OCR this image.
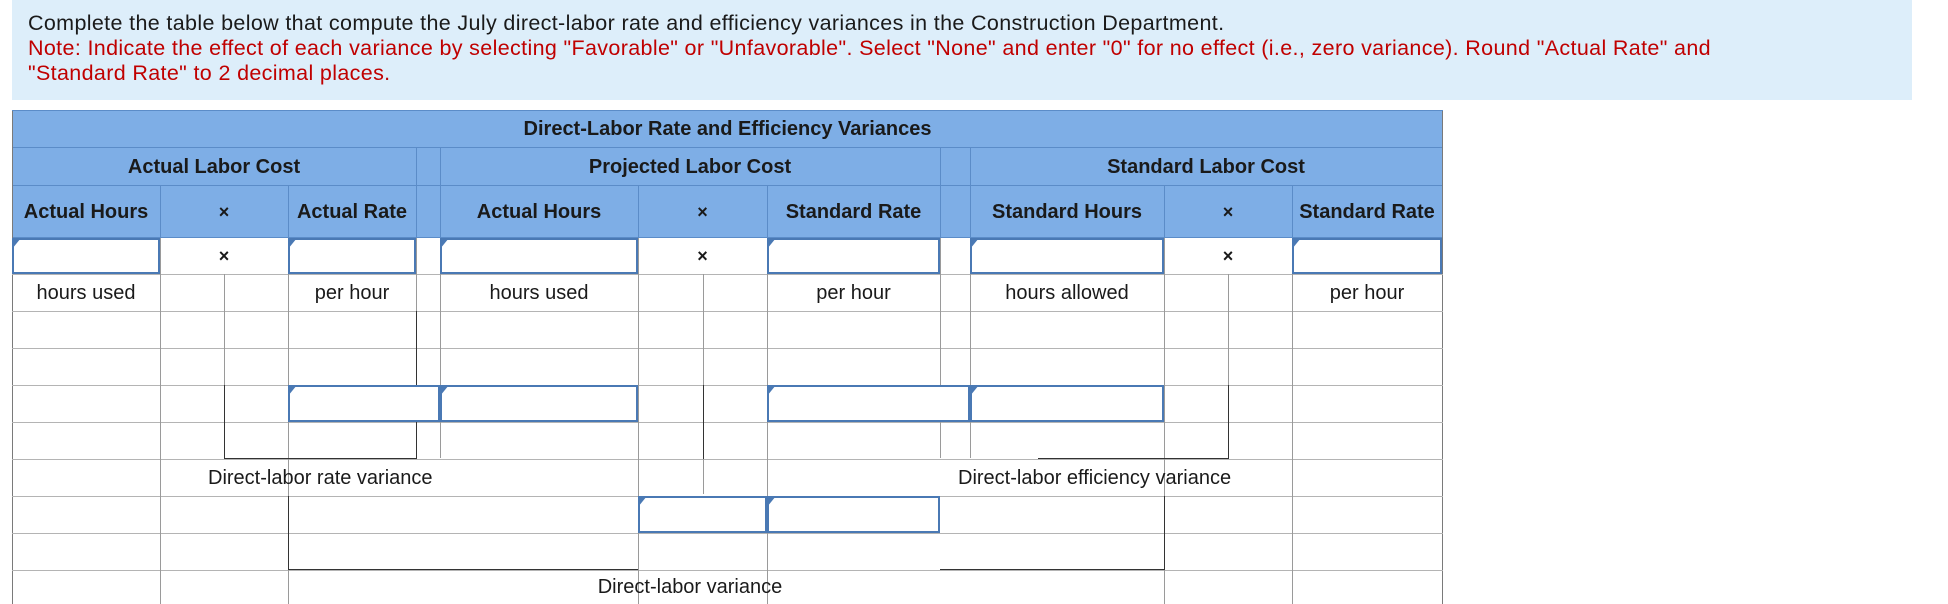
Complete the table below that compute the July direct-labor rate and efficiency variances in the Construction Department.
Note: Indicate the effect of each variance by selecting "Favorable" or "Unfavorable". Select "None" and enter "0" for no effect (i.e., zero variance). Round "Actual Rate" and
"Standard Rate" to 2 decimal places.
Direct-Labor Rate and Efficiency Variances
Actual Labor Cost	Projected Labor Cost	Standard Labor Cost
Actual Hours	×	Actual Rate	Actual Hours	×	Standard Rate	Standard Hours	×	Standard Rate
×	×	×
hours used	per hour	hours used	per hour	hours allowed	per hour
Direct-labor rate variance	Direct-labor efficiency variance
Direct-labor variance
